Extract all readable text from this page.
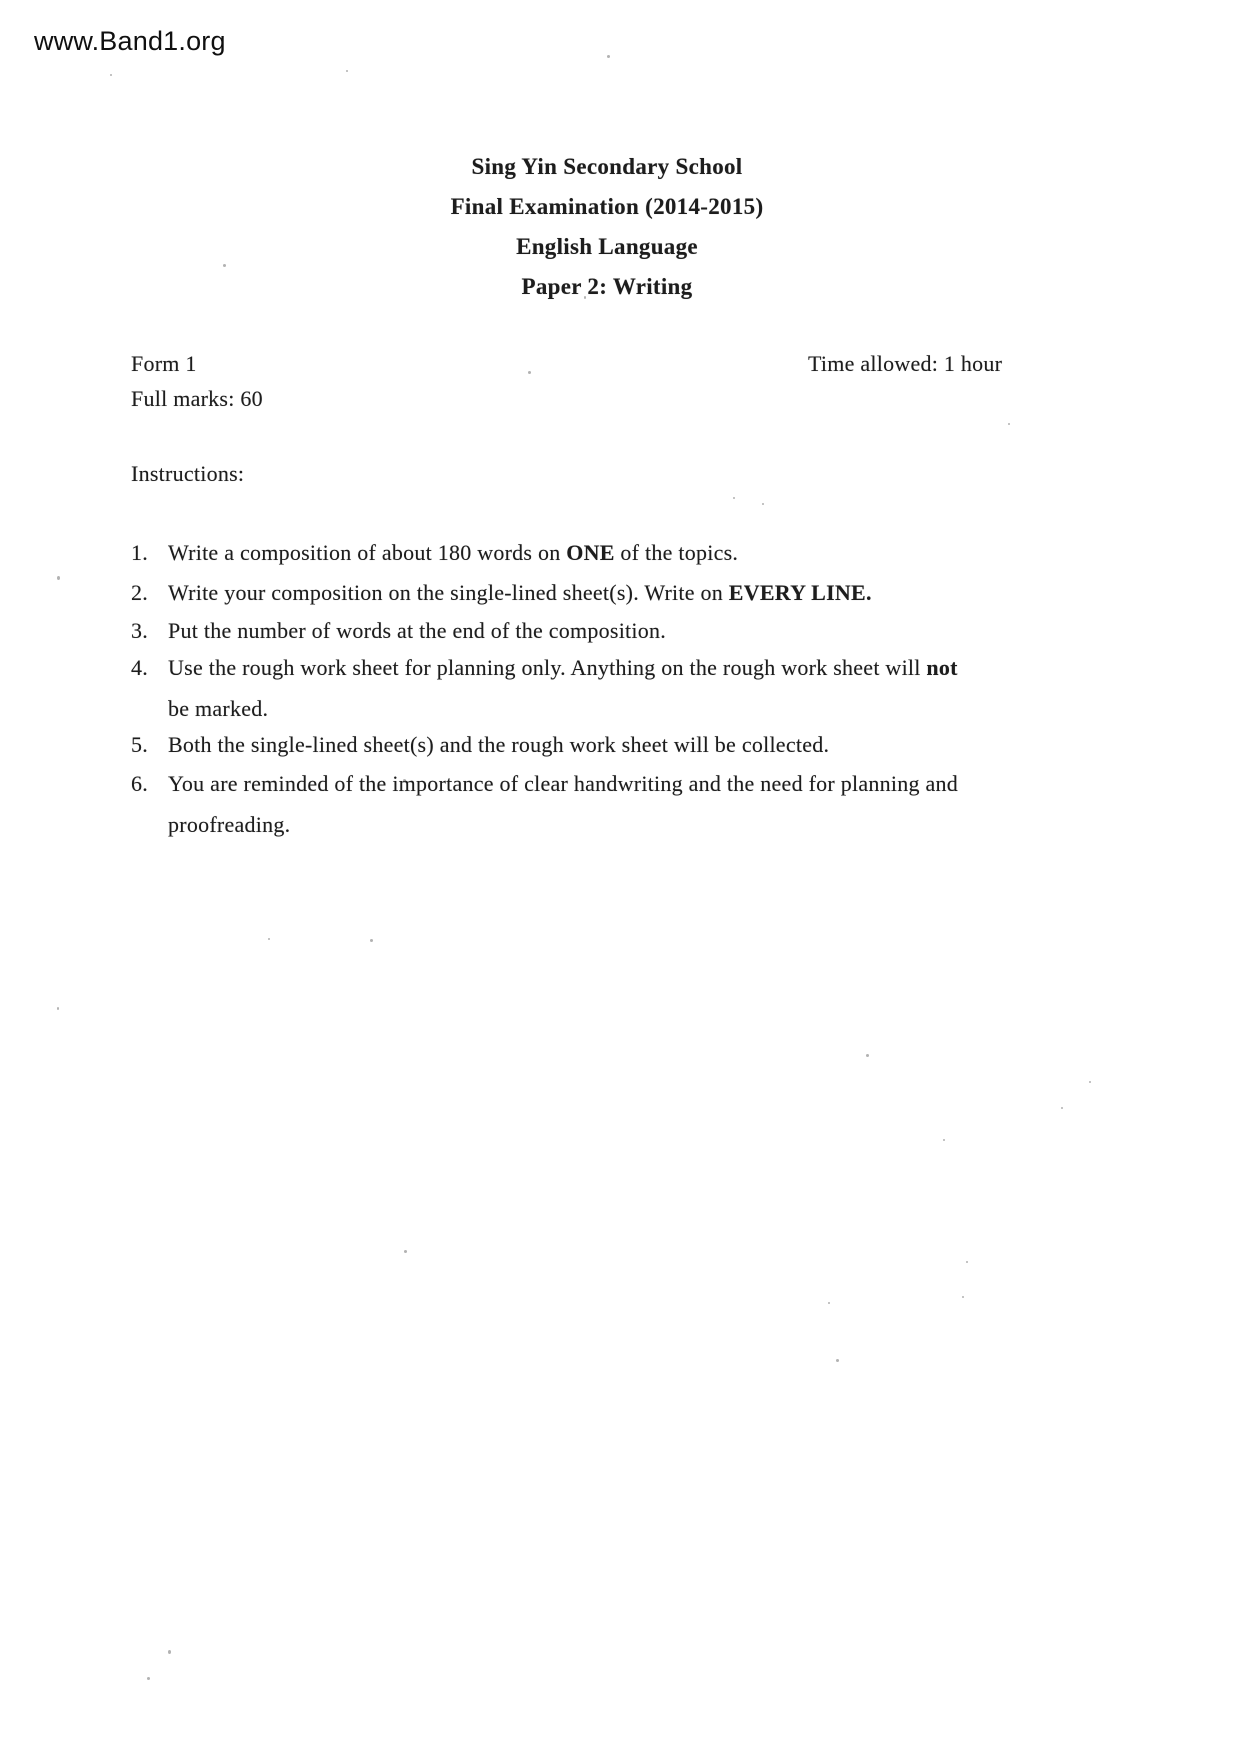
www.Band1.org
Sing Yin Secondary School
Final Examination (2014-2015)
English Language
Paper 2: Writing
Form 1	Time allowed: 1 hour
Full marks: 60
Instructions:
1. Write a composition of about 180 words on ONE of the topics.
2. Write your composition on the single-lined sheet(s). Write on EVERY LINE.
3. Put the number of words at the end of the composition.
4. Use the rough work sheet for planning only. Anything on the rough work sheet will not
be marked.
5. Both the single-lined sheet(s) and the rough work sheet will be collected.
6. You are reminded of the importance of clear handwriting and the need for planning and
proofreading.
